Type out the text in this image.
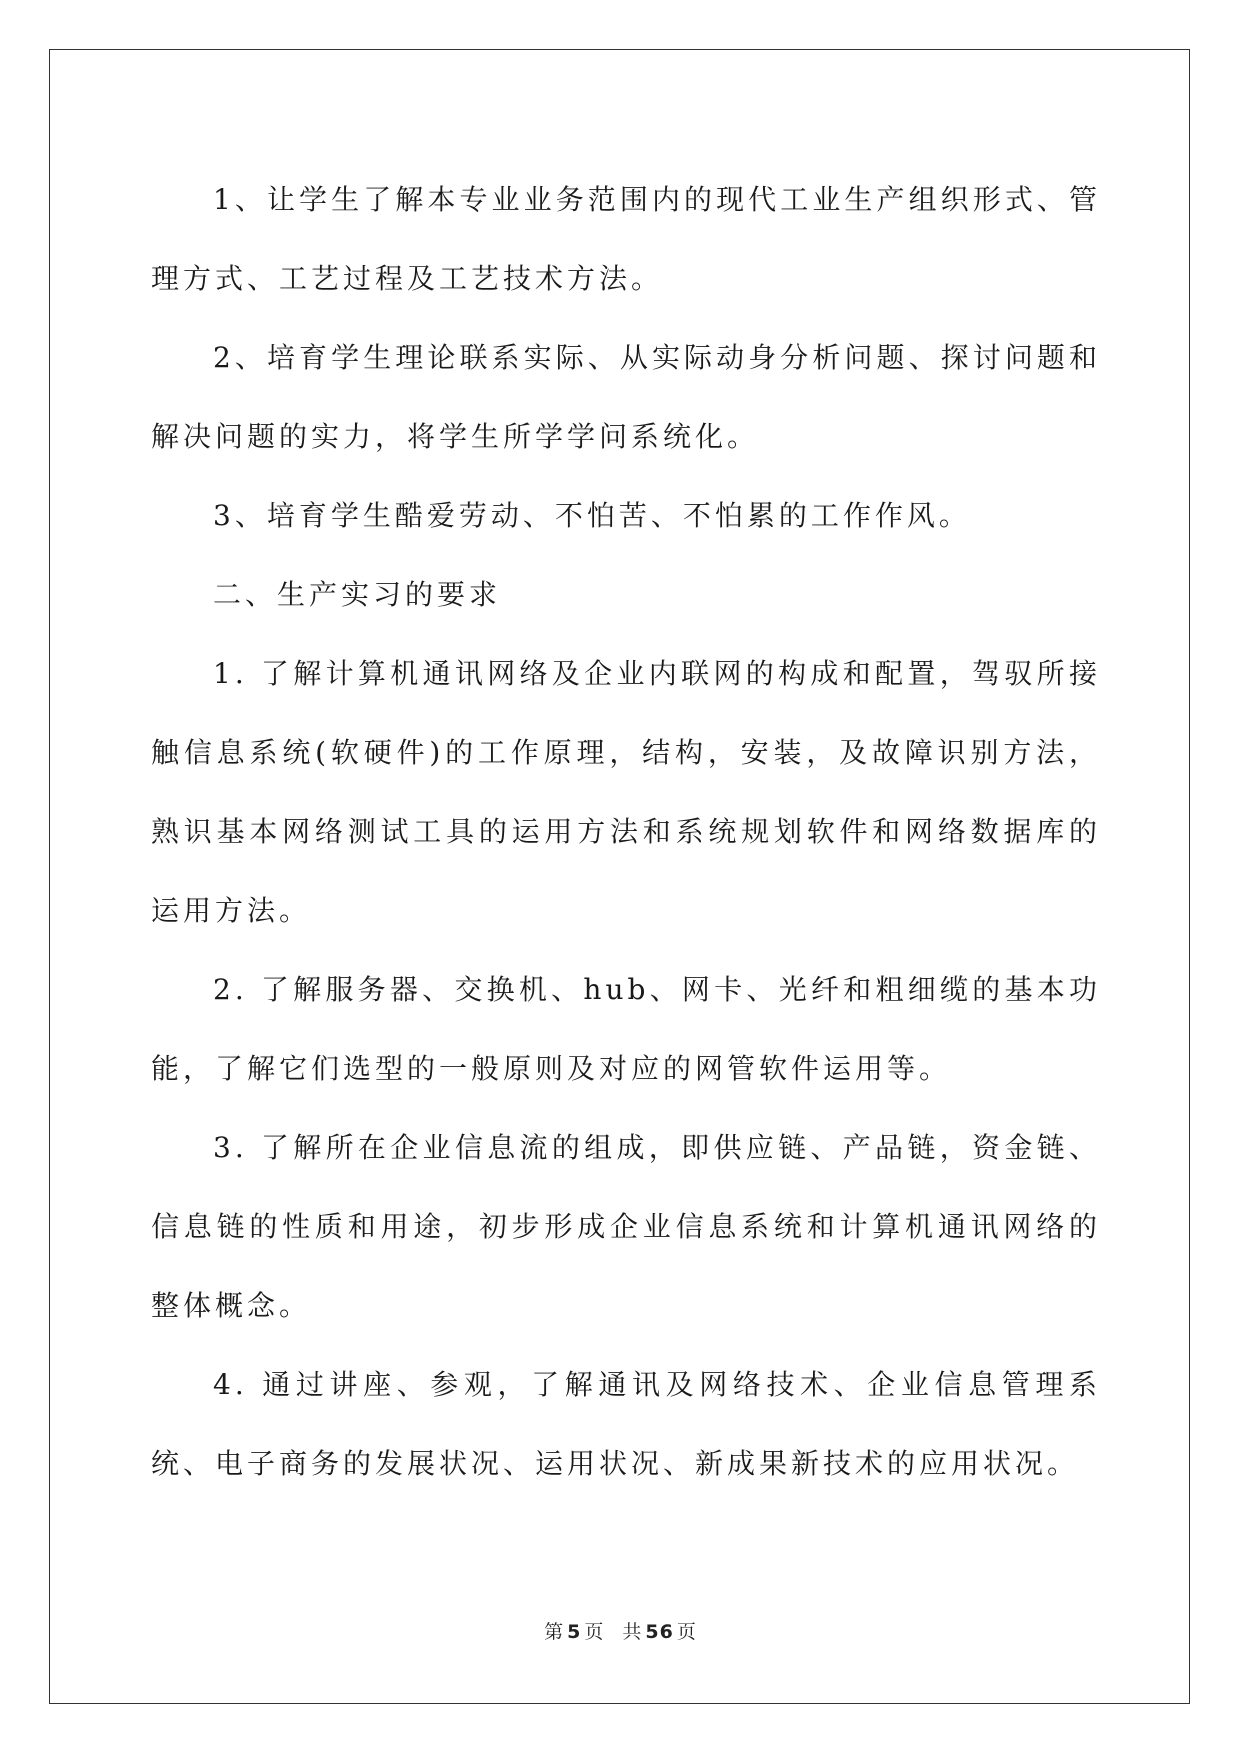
1、让学生了解本专业业务范围内的现代工业生产组织形式、管理方式、工艺过程及工艺技术方法。

2、培育学生理论联系实际、从实际动身分析问题、探讨问题和解决问题的实力，将学生所学学问系统化。

3、培育学生酷爱劳动、不怕苦、不怕累的工作作风。

二、生产实习的要求

1. 了解计算机通讯网络及企业内联网的构成和配置，驾驭所接触信息系统(软硬件)的工作原理，结构，安装，及故障识别方法，熟识基本网络测试工具的运用方法和系统规划软件和网络数据库的运用方法。

2. 了解服务器、交换机、hub、网卡、光纤和粗细缆的基本功能，了解它们选型的一般原则及对应的网管软件运用等。

3. 了解所在企业信息流的组成，即供应链、产品链，资金链、信息链的性质和用途，初步形成企业信息系统和计算机通讯网络的整体概念。

4. 通过讲座、参观，了解通讯及网络技术、企业信息管理系统、电子商务的发展状况、运用状况、新成果新技术的应用状况。

第 5 页 共 56 页
